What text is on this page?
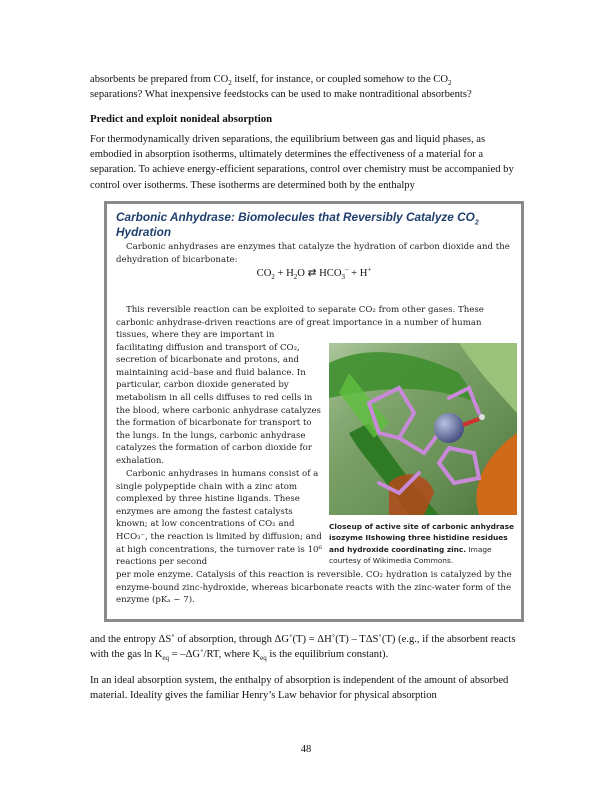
absorbents be prepared from $CO_2$ itself, for instance, or coupled somehow to the $CO_2$
separations? What inexpensive feedstocks can be used to make nontraditional absorbents?

Predict and exploit nonideal absorption

For thermodynamically driven separations, the equilibrium between gas and liquid phases, as embodied in absorption isotherms, ultimately determines the effectiveness of a material for a separation. To achieve energy-efficient separations, control over chemistry must be accompanied by control over isotherms. These isotherms are determined both by the enthalpy

Carbonic Anhydrase: Biomolecules that Reversibly Catalyze $CO_2$
Hydration

Carbonic anhydrases are enzymes that catalyze the hydration of carbon dioxide and the dehydration of bicarbonate:

$CO_2 + H_2O$ ⇄ $HCO_3^- + H^+$

This reversible reaction can be exploited to separate CO₂ from other gases. These carbonic anhydrase-driven reactions are of great importance in a number of human

tissues, where they are important in facilitating diffusion and transport of CO₂, secretion of bicarbonate and protons, and maintaining acid–base and fluid balance. In particular, carbon dioxide generated by metabolism in all cells diffuses to red cells in the blood, where carbonic anhydrase catalyzes the formation of bicarbonate for transport to the lungs. In the lungs, carbonic anhydrase catalyzes the formation of carbon dioxide for exhalation.

Carbonic anhydrases in humans consist of a single polypeptide chain with a zinc atom complexed by three histine ligands. These enzymes are among the fastest catalysts known; at low concentrations of CO₂ and HCO₃⁻, the reaction is limited by diffusion; and at high concentrations, the turnover rate is 10⁶ reactions per second

per mole enzyme. Catalysis of this reaction is reversible. CO₂ hydration is catalyzed by the enzyme-bound zinc-hydroxide, whereas bicarbonate reacts with the zinc-water form of the enzyme (pKₐ ~ 7).

Closeup of active site of carbonic anhydrase isozyme IIshowing three histidine residues and hydroxide coordinating zinc. Image courtesy of Wikimedia Commons.

and the entropy ΔS˚ of absorption, through ΔG˚(T) = ΔH˚(T) – TΔS˚(T) (e.g., if the absorbent reacts with the gas $\ln K_{eq}$ = –ΔG˚/RT, where $K_{eq}$ is the equilibrium constant).

In an ideal absorption system, the enthalpy of absorption is independent of the amount of absorbed material. Ideality gives the familiar Henry’s Law behavior for physical absorption

48
